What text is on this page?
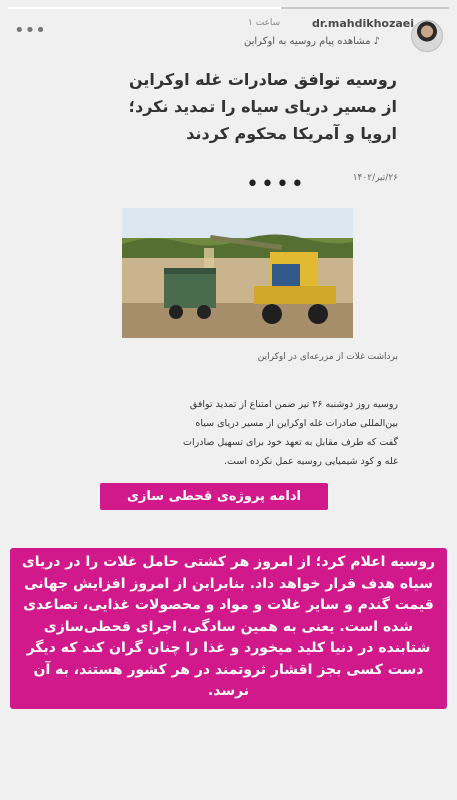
•••	۱ ساعت	dr.mahdikhozaei
♪مشاهده پیام روسیه به اوکراین
روسیه توافق صادرات غله اوکراین از مسیر دریای سیاه را تمدید نکرد؛ اروپا و آمریکا محکوم کردند
۲۶/تیر/۱۴۰۲
••••
برداشت غلات از مزرعه‌ای در اوکراین
روسیه روز دوشنبه ۲۶ تیر ضمن امتناع از تمدید توافق بین‌المللی صادرات غله اوکراین از مسیر دریای سیاه گفت که طرف مقابل به تعهد خود برای تسهیل صادرات غله و کود شیمیایی روسیه عمل نکرده است.
ادامه پروژه‌ی قحطی سازی
روسیه اعلام کرد؛ از امروز هر کشتی حامل غلات را در دریای سیاه هدف قرار خواهد داد. بنابراین از امروز افزایش جهانی قیمت گندم و سایر غلات و مواد و محصولات غذایی، تصاعدی شده است. یعنی به همین سادگی، اجرای قحطی‌سازی شتابنده در دنیا کلید میخورد و غذا را چنان گران کند که دیگر دست کسی بجز اقشار ثروتمند در هر کشور هستند، به آن نرسد.
